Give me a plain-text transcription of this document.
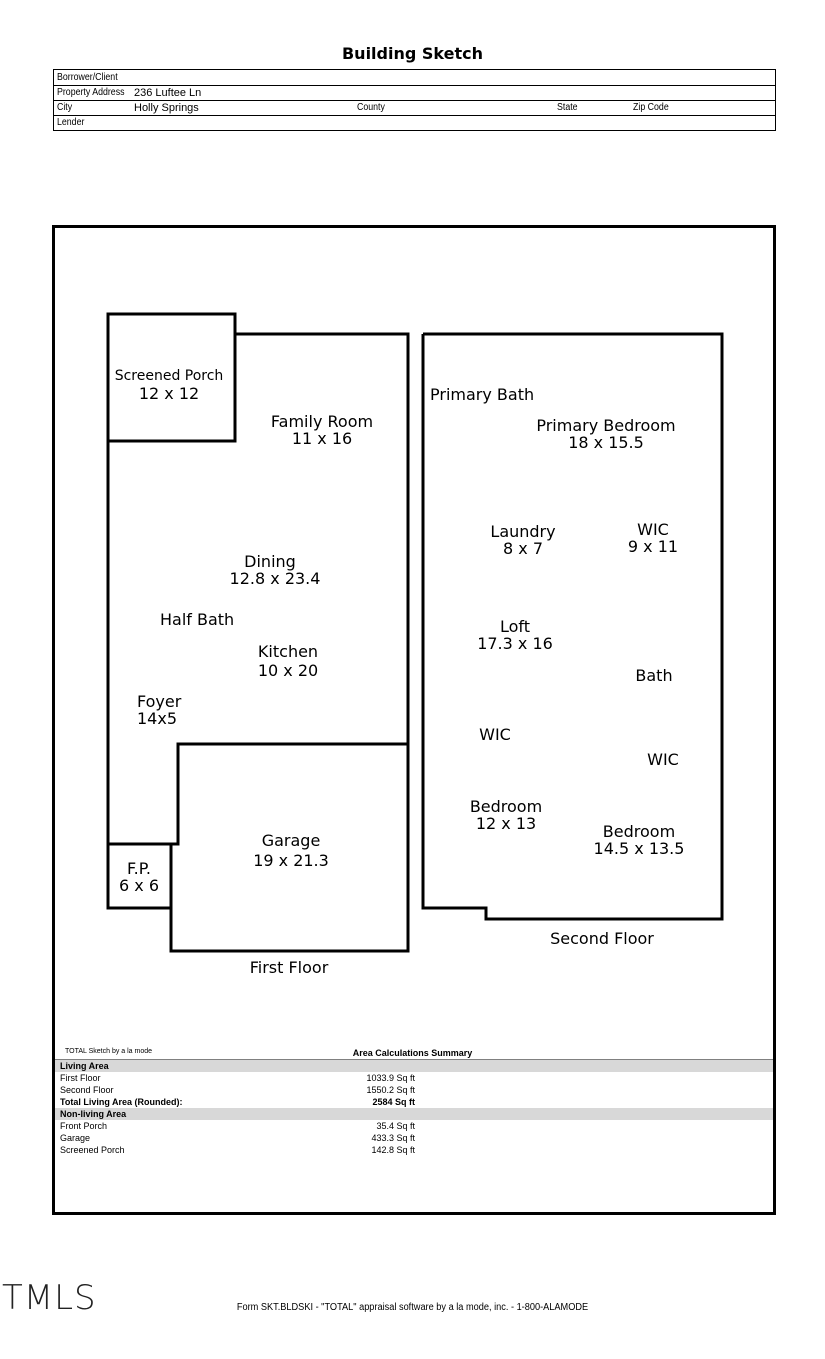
Building Sketch
Borrower/Client
Property Address 236 Luftee Ln
City	Holly Springs	County	State	Zip Code
Lender
Screened Porch
12 x 12
Family Room
11 x 16
Dining
12.8 x 23.4
Half Bath
Kitchen
10 x 20
Foyer
14x5
Garage
19 x 21.3
F.P.
6 x 6
First Floor
Primary Bath
Primary Bedroom
18 x 15.5
Laundry
8 x 7
WIC
9 x 11
Loft
17.3 x 16
Bath
WIC
WIC
Bedroom
12 x 13	Bedroom
14.5 x 13.5
Second Floor
TOTAL Sketch by a la mode	Area Calculations Summary
Living Area
First Floor	1033.9 Sq ft
Second Floor	1550.2 Sq ft
Total Living Area (Rounded):	2584 Sq ft
Non-living Area
Front Porch	35.4 Sq ft
Garage	433.3 Sq ft
Screened Porch	142.8 Sq ft
TMLS	Form SKT.BLDSKI - "TOTAL" appraisal software by a la mode, inc. - 1-800-ALAMODE
